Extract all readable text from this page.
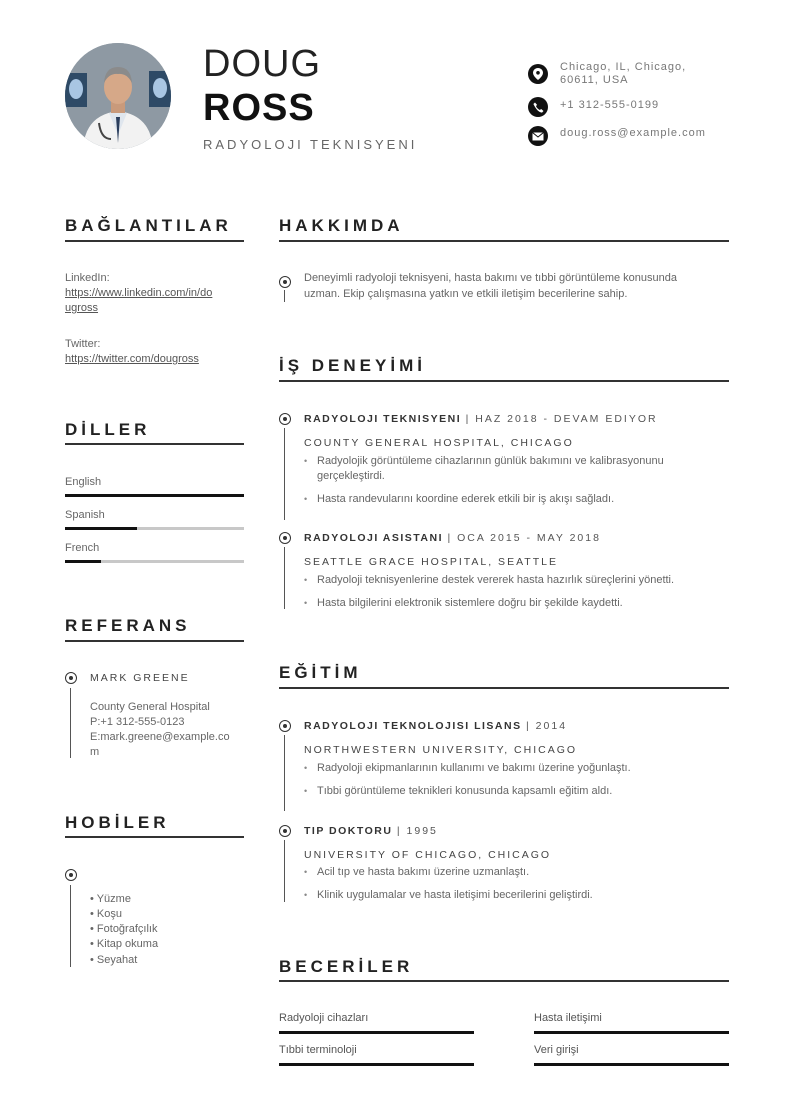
DOUG
ROSS
RADYOLOJI TEKNISYENI
Chicago, IL, Chicago,
60611, USA
+1 312-555-0199
doug.ross@example.com
BAĞLANTILAR
LinkedIn:
https://www.linkedin.com/in/do
ugross
Twitter:
https://twitter.com/dougross
DİLLER
English
Spanish
French
REFERANS
MARK GREENE
County General Hospital
P:+1 312-555-0123
E:mark.greene@example.co
m
HOBİLER
• Yüzme
• Koşu
• Fotoğrafçılık
• Kitap okuma
• Seyahat
HAKKIMDA
Deneyimli radyoloji teknisyeni, hasta bakımı ve tıbbi görüntüleme konusunda
uzman. Ekip çalışmasına yatkın ve etkili iletişim becerilerine sahip.
İŞ DENEYİMİ
RADYOLOJI TEKNISYENI | HAZ 2018 - DEVAM EDIYOR
COUNTY GENERAL HOSPITAL, CHICAGO
• Radyolojik görüntüleme cihazlarının günlük bakımını ve kalibrasyonunu
gerçekleştirdi.
• Hasta randevularını koordine ederek etkili bir iş akışı sağladı.
RADYOLOJI ASISTANI | OCA 2015 - MAY 2018
SEATTLE GRACE HOSPITAL, SEATTLE
• Radyoloji teknisyenlerine destek vererek hasta hazırlık süreçlerini yönetti.
• Hasta bilgilerini elektronik sistemlere doğru bir şekilde kaydetti.
EĞİTİM
RADYOLOJI TEKNOLOJISI LISANS | 2014
NORTHWESTERN UNIVERSITY, CHICAGO
• Radyoloji ekipmanlarının kullanımı ve bakımı üzerine yoğunlaştı.
• Tıbbi görüntüleme teknikleri konusunda kapsamlı eğitim aldı.
TIP DOKTORU | 1995
UNIVERSITY OF CHICAGO, CHICAGO
• Acil tıp ve hasta bakımı üzerine uzmanlaştı.
• Klinik uygulamalar ve hasta iletişimi becerilerini geliştirdi.
BECERİLER
Radyoloji cihazları	Hasta iletişimi
Tıbbi terminoloji	Veri girişi
